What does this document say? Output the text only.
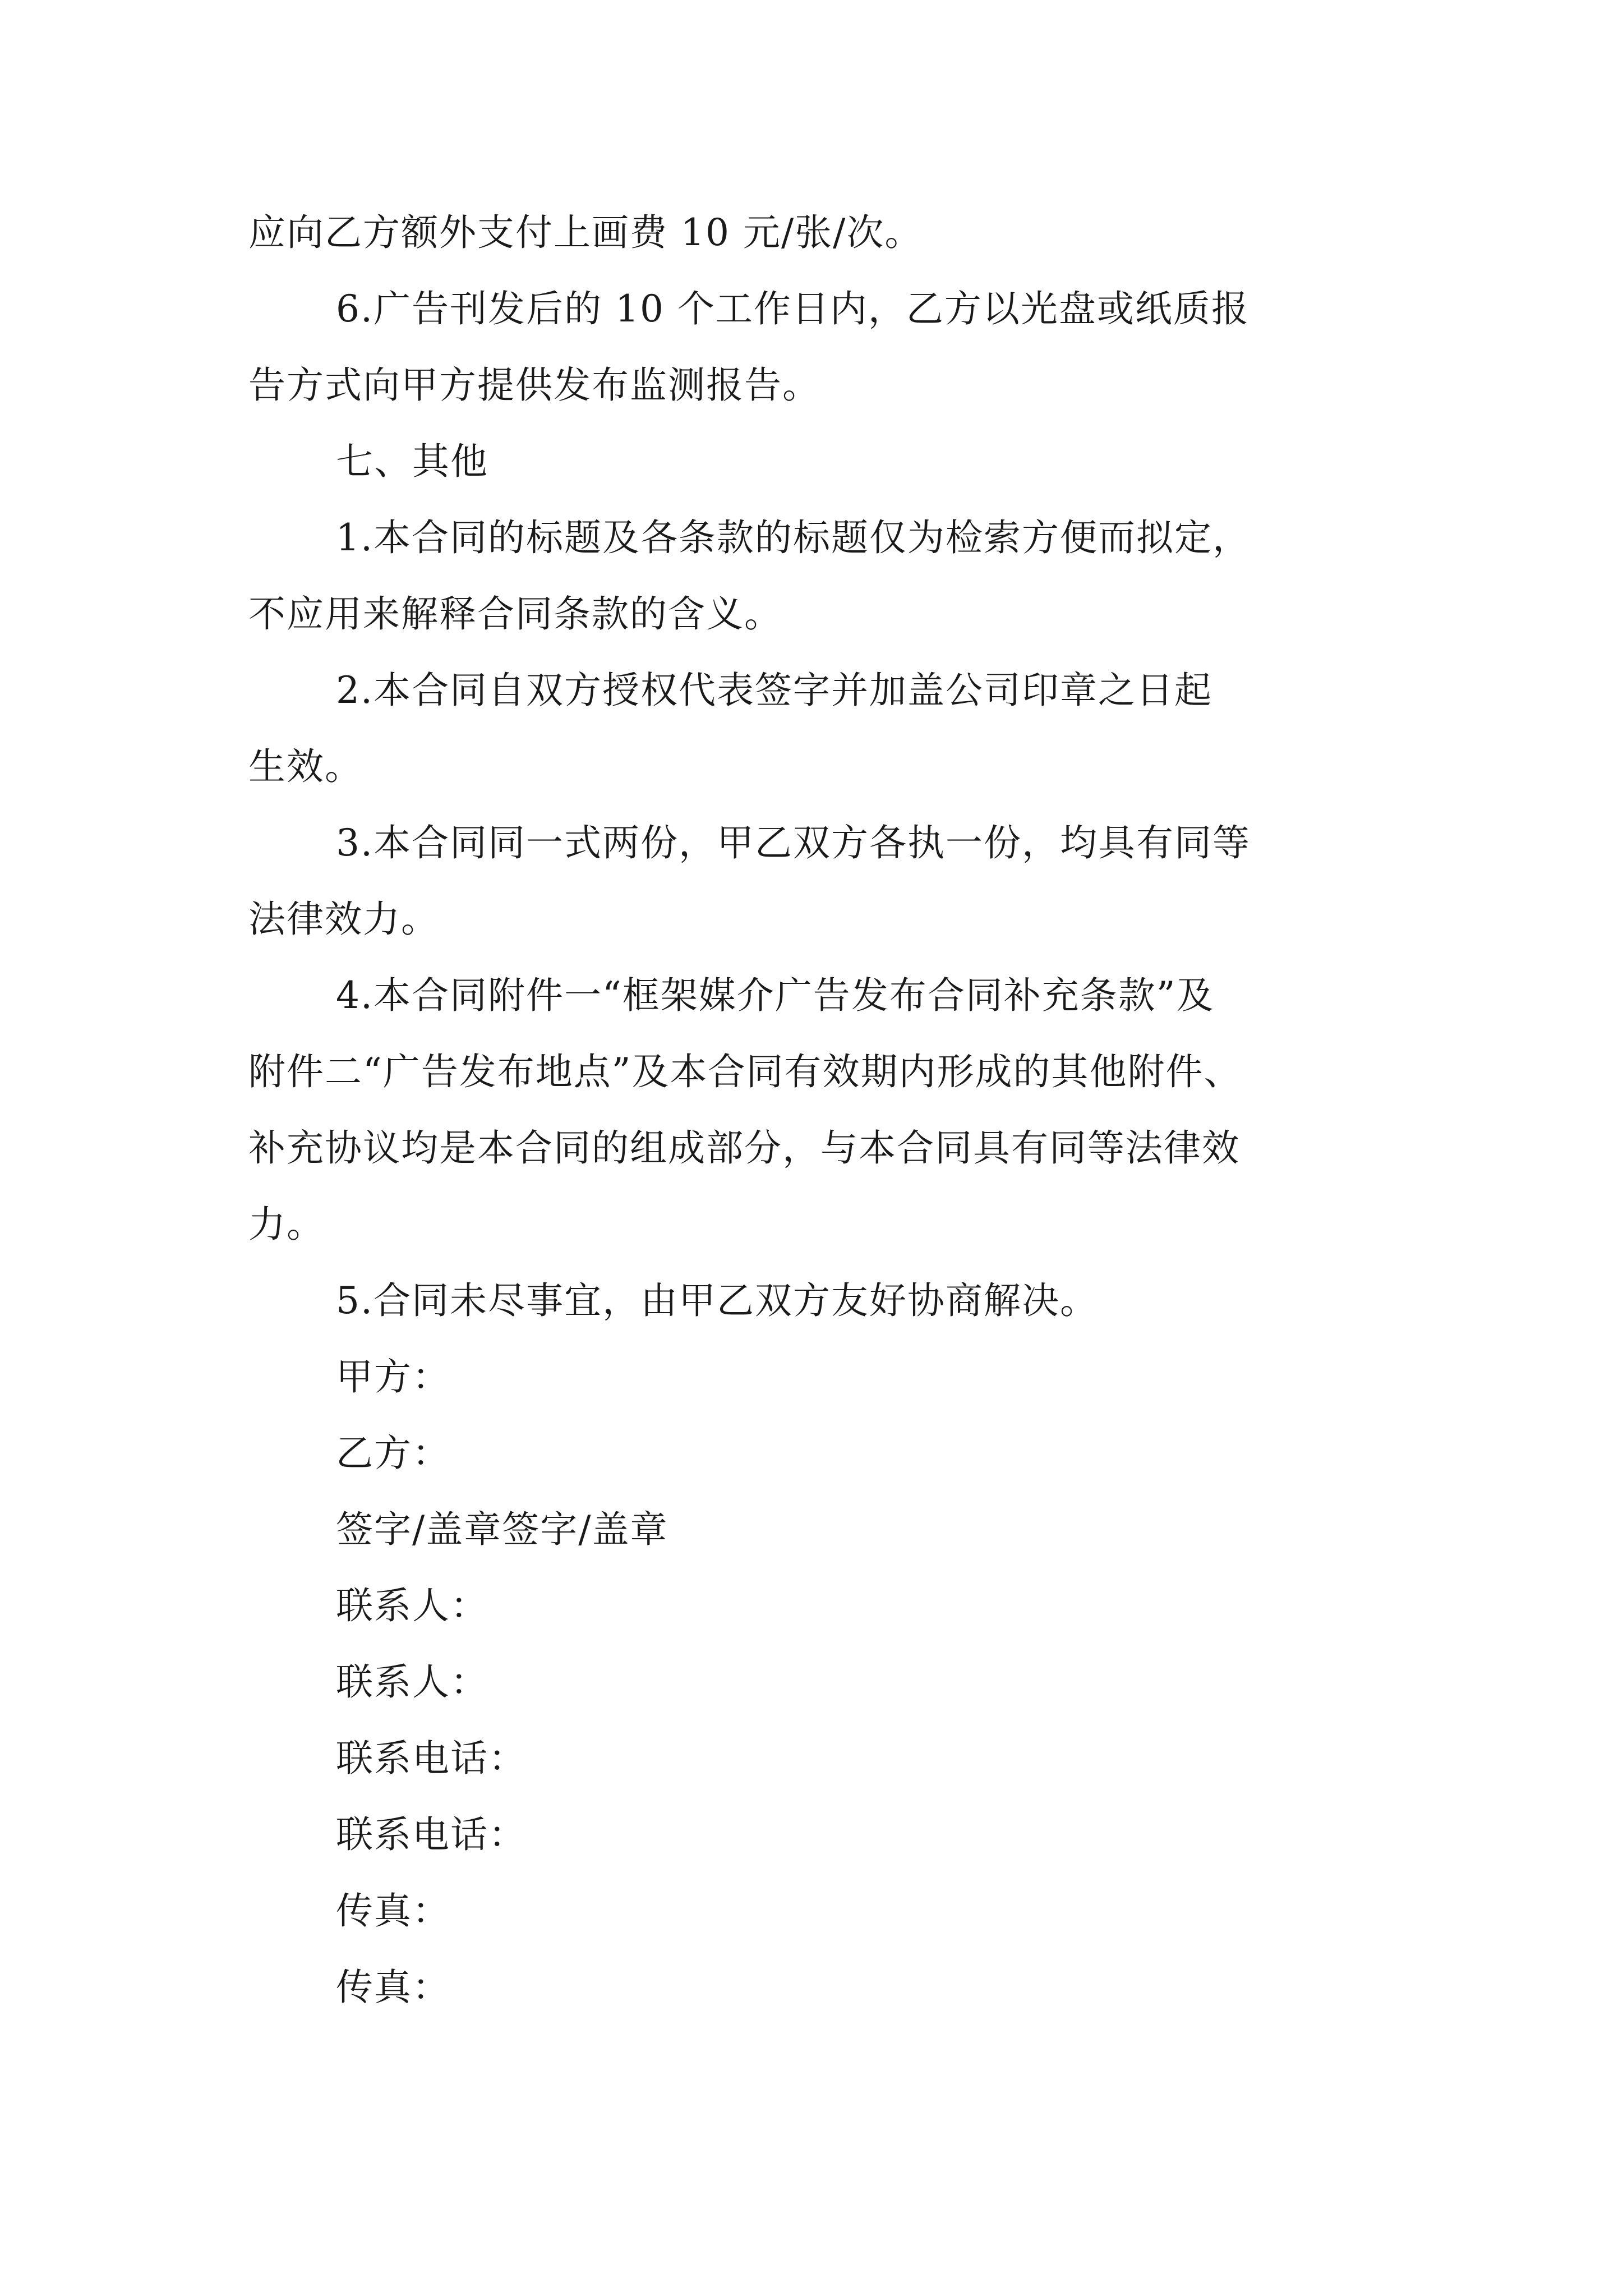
应向乙方额外支付上画费 10 元/张/次。
6.广告刊发后的 10 个工作日内，乙方以光盘或纸质报
告方式向甲方提供发布监测报告。
七、其他
1.本合同的标题及各条款的标题仅为检索方便而拟定，
不应用来解释合同条款的含义。
2.本合同自双方授权代表签字并加盖公司印章之日起
生效。
3.本合同同一式两份，甲乙双方各执一份，均具有同等
法律效力。
4.本合同附件一“框架媒介广告发布合同补充条款”及
附件二“广告发布地点”及本合同有效期内形成的其他附件、
补充协议均是本合同的组成部分，与本合同具有同等法律效
力。
5.合同未尽事宜，由甲乙双方友好协商解决。
甲方：
乙方：
签字/盖章签字/盖章
联系人：
联系人：
联系电话：
联系电话：
传真：
传真：
